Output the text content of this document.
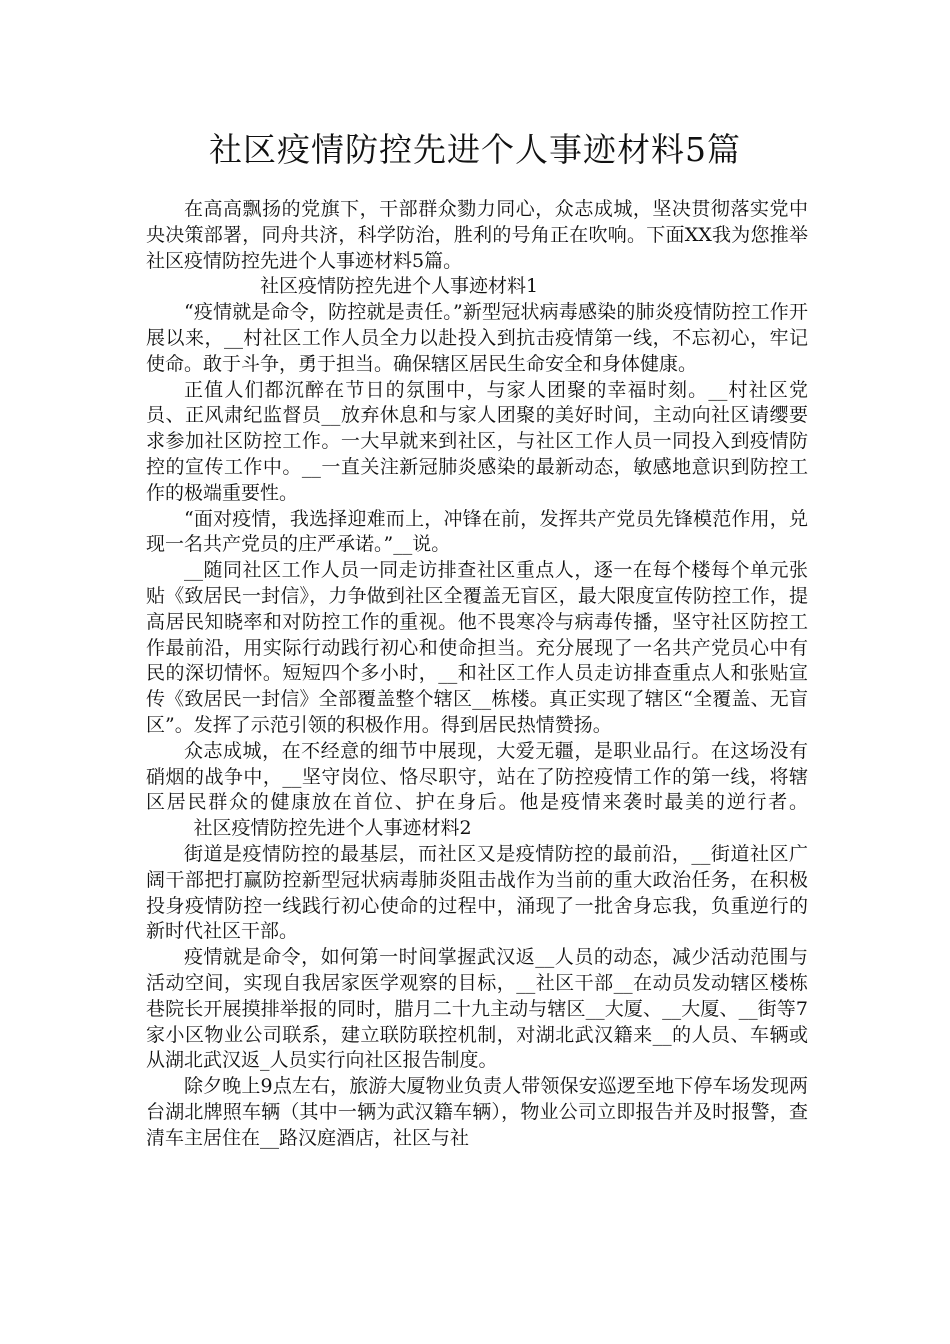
社区疫情防控先进个人事迹材料5篇

在高高飘扬的党旗下，干部群众勠力同心，众志成城，坚决贯彻落实党中央决策部署，同舟共济，科学防治，胜利的号角正在吹响。下面XX我为您推举社区疫情防控先进个人事迹材料5篇。

社区疫情防控先进个人事迹材料1

“疫情就是命令，防控就是责任。”新型冠状病毒感染的肺炎疫情防控工作开展以来，__村社区工作人员全力以赴投入到抗击疫情第一线，不忘初心，牢记使命。敢于斗争，勇于担当。确保辖区居民生命安全和身体健康。

正值人们都沉醉在节日的氛围中，与家人团聚的幸福时刻。__村社区党员、正风肃纪监督员__放弃休息和与家人团聚的美好时间，主动向社区请缨要求参加社区防控工作。一大早就来到社区，与社区工作人员一同投入到疫情防控的宣传工作中。__一直关注新冠肺炎感染的最新动态，敏感地意识到防控工作的极端重要性。

“面对疫情，我选择迎难而上，冲锋在前，发挥共产党员先锋模范作用，兑现一名共产党员的庄严承诺。”__说。

__随同社区工作人员一同走访排查社区重点人，逐一在每个楼每个单元张贴《致居民一封信》，力争做到社区全覆盖无盲区，最大限度宣传防控工作，提高居民知晓率和对防控工作的重视。他不畏寒冷与病毒传播，坚守社区防控工作最前沿，用实际行动践行初心和使命担当。充分展现了一名共产党员心中有民的深切情怀。短短四个多小时，__和社区工作人员走访排查重点人和张贴宣传《致居民一封信》全部覆盖整个辖区__栋楼。真正实现了辖区“全覆盖、无盲区”。发挥了示范引领的积极作用。得到居民热情赞扬。

众志成城，在不经意的细节中展现，大爱无疆，是职业品行。在这场没有硝烟的战争中，__坚守岗位、恪尽职守，站在了防控疫情工作的第一线，将辖区居民群众的健康放在首位、护在身后。他是疫情来袭时最美的逆行者。社区疫情防控先进个人事迹材料2

街道是疫情防控的最基层，而社区又是疫情防控的最前沿，__街道社区广阔干部把打赢防控新型冠状病毒肺炎阻击战作为当前的重大政治任务，在积极投身疫情防控一线践行初心使命的过程中，涌现了一批舍身忘我，负重逆行的新时代社区干部。

疫情就是命令，如何第一时间掌握武汉返__人员的动态，减少活动范围与活动空间，实现自我居家医学观察的目标，__社区干部__在动员发动辖区楼栋巷院长开展摸排举报的同时，腊月二十九主动与辖区__大厦、__大厦、__街等7家小区物业公司联系，建立联防联控机制，对湖北武汉籍来__的人员、车辆或从湖北武汉返_人员实行向社区报告制度。

除夕晚上9点左右，旅游大厦物业负责人带领保安巡逻至地下停车场发现两台湖北牌照车辆（其中一辆为武汉籍车辆），物业公司立即报告并及时报警，查清车主居住在__路汉庭酒店，社区与社
